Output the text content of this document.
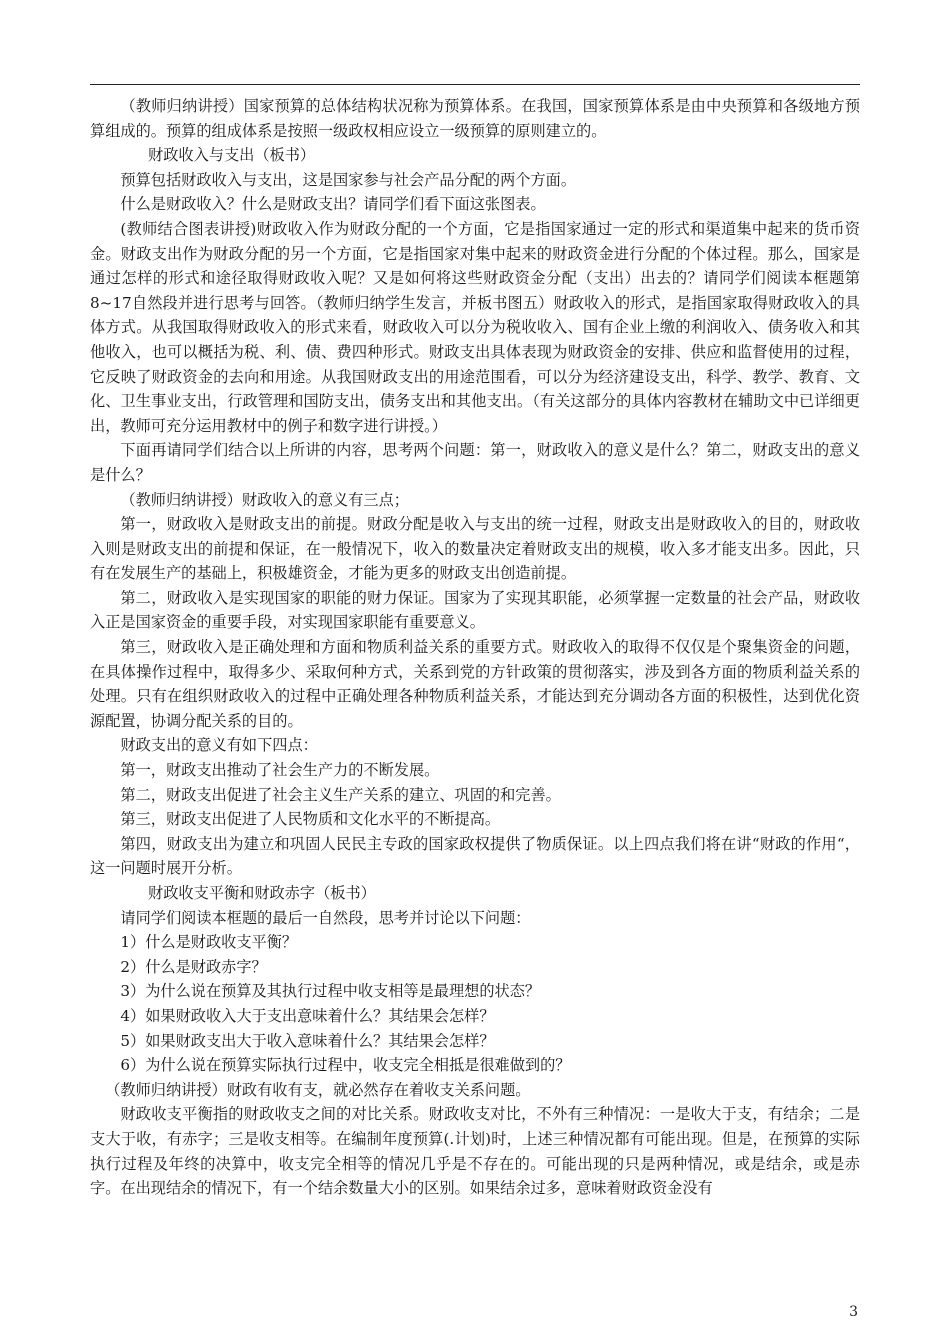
（教师归纳讲授）国家预算的总体结构状况称为预算体系。在我国，国家预算体系是由中央预算和各级地方预算组成的。预算的组成体系是按照一级政权相应设立一级预算的原则建立的。

财政收入与支出（板书）

预算包括财政收入与支出，这是国家参与社会产品分配的两个方面。

什么是财政收入？什么是财政支出？请同学们看下面这张图表。

(教师结合图表讲授)财政收入作为财政分配的一个方面，它是指国家通过一定的形式和渠道集中起来的货币资金。财政支出作为财政分配的另一个方面，它是指国家对集中起来的财政资金进行分配的个体过程。那么，国家是通过怎样的形式和途径取得财政收入呢？又是如何将这些财政资金分配（支出）出去的？请同学们阅读本框题第8~17自然段并进行思考与回答。（教师归纳学生发言，并板书图五）财政收入的形式，是指国家取得财政收入的具体方式。从我国取得财政收入的形式来看，财政收入可以分为税收收入、国有企业上缴的利润收入、债务收入和其他收入，也可以概括为税、利、债、费四种形式。财政支出具体表现为财政资金的安排、供应和监督使用的过程，它反映了财政资金的去向和用途。从我国财政支出的用途范围看，可以分为经济建设支出，科学、教学、教育、文化、卫生事业支出，行政管理和国防支出，债务支出和其他支出。（有关这部分的具体内容教材在辅助文中已详细更出，教师可充分运用教材中的例子和数字进行讲授。）

下面再请同学们结合以上所讲的内容，思考两个问题：第一，财政收入的意义是什么？第二，财政支出的意义是什么？

（教师归纳讲授）财政收入的意义有三点；

第一，财政收入是财政支出的前提。财政分配是收入与支出的统一过程，财政支出是财政收入的目的，财政收入则是财政支出的前提和保证，在一般情况下，收入的数量决定着财政支出的规模，收入多才能支出多。因此，只有在发展生产的基础上，积极雄资金，才能为更多的财政支出创造前提。

第二，财政收入是实现国家的职能的财力保证。国家为了实现其职能，必须掌握一定数量的社会产品，财政收入正是国家资金的重要手段，对实现国家职能有重要意义。

第三，财政收入是正确处理和方面和物质利益关系的重要方式。财政收入的取得不仅仅是个聚集资金的问题，在具体操作过程中，取得多少、采取何种方式，关系到党的方针政策的贯彻落实，涉及到各方面的物质利益关系的处理。只有在组织财政收入的过程中正确处理各种物质利益关系，才能达到充分调动各方面的积极性，达到优化资源配置，协调分配关系的目的。

财政支出的意义有如下四点：

第一，财政支出推动了社会生产力的不断发展。

第二，财政支出促进了社会主义生产关系的建立、巩固的和完善。

第三，财政支出促进了人民物质和文化水平的不断提高。

第四，财政支出为建立和巩固人民民主专政的国家政权提供了物质保证。以上四点我们将在讲“财政的作用“，这一问题时展开分析。

财政收支平衡和财政赤字（板书）

请同学们阅读本框题的最后一自然段，思考并讨论以下问题：

1）什么是财政收支平衡？

2）什么是财政赤字？

3）为什么说在预算及其执行过程中收支相等是最理想的状态？

4）如果财政收入大于支出意味着什么？其结果会怎样？

5）如果财政支出大于收入意味着什么？其结果会怎样？

6）为什么说在预算实际执行过程中，收支完全相抵是很难做到的？

（教师归纳讲授）财政有收有支，就必然存在着收支关系问题。

财政收支平衡指的财政收支之间的对比关系。财政收支对比，不外有三种情况：一是收大于支，有结余；二是支大于收，有赤字；三是收支相等。在编制年度预算(.计划)时，上述三种情况都有可能出现。但是，在预算的实际执行过程及年终的决算中，收支完全相等的情况几乎是不存在的。可能出现的只是两种情况，或是结余，或是赤字。在出现结余的情况下，有一个结余数量大小的区别。如果结余过多，意味着财政资金没有

3
